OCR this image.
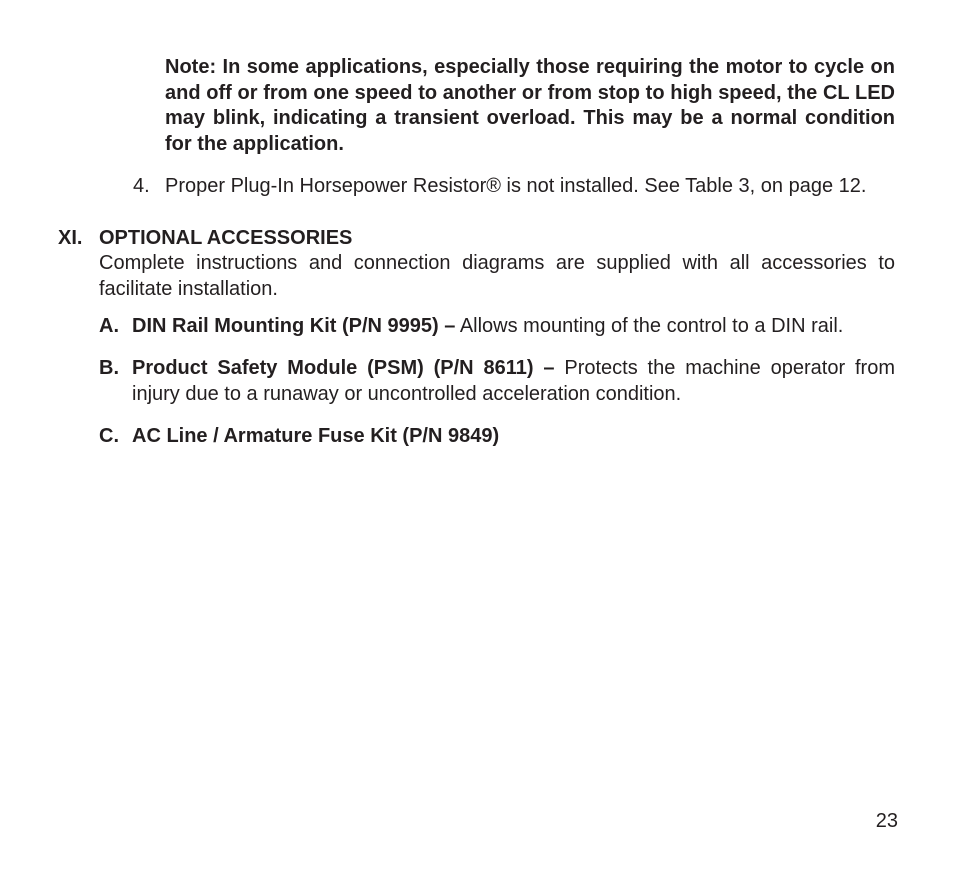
Note: In some applications, especially those requiring the motor to cycle on and off or from one speed to another or from stop to high speed, the CL LED may blink, indicating a transient overload. This may be a normal condition for the application.
4. Proper Plug-In Horsepower Resistor® is not installed. See Table 3, on page 12.
XI. OPTIONAL ACCESSORIES
Complete instructions and connection diagrams are supplied with all accessories to facilitate installation.
A. DIN Rail Mounting Kit (P/N 9995) – Allows mounting of the control to a DIN rail.
B. Product Safety Module (PSM) (P/N 8611) – Protects the machine operator from injury due to a runaway or uncontrolled acceleration condition.
C. AC Line / Armature Fuse Kit (P/N 9849)
23
